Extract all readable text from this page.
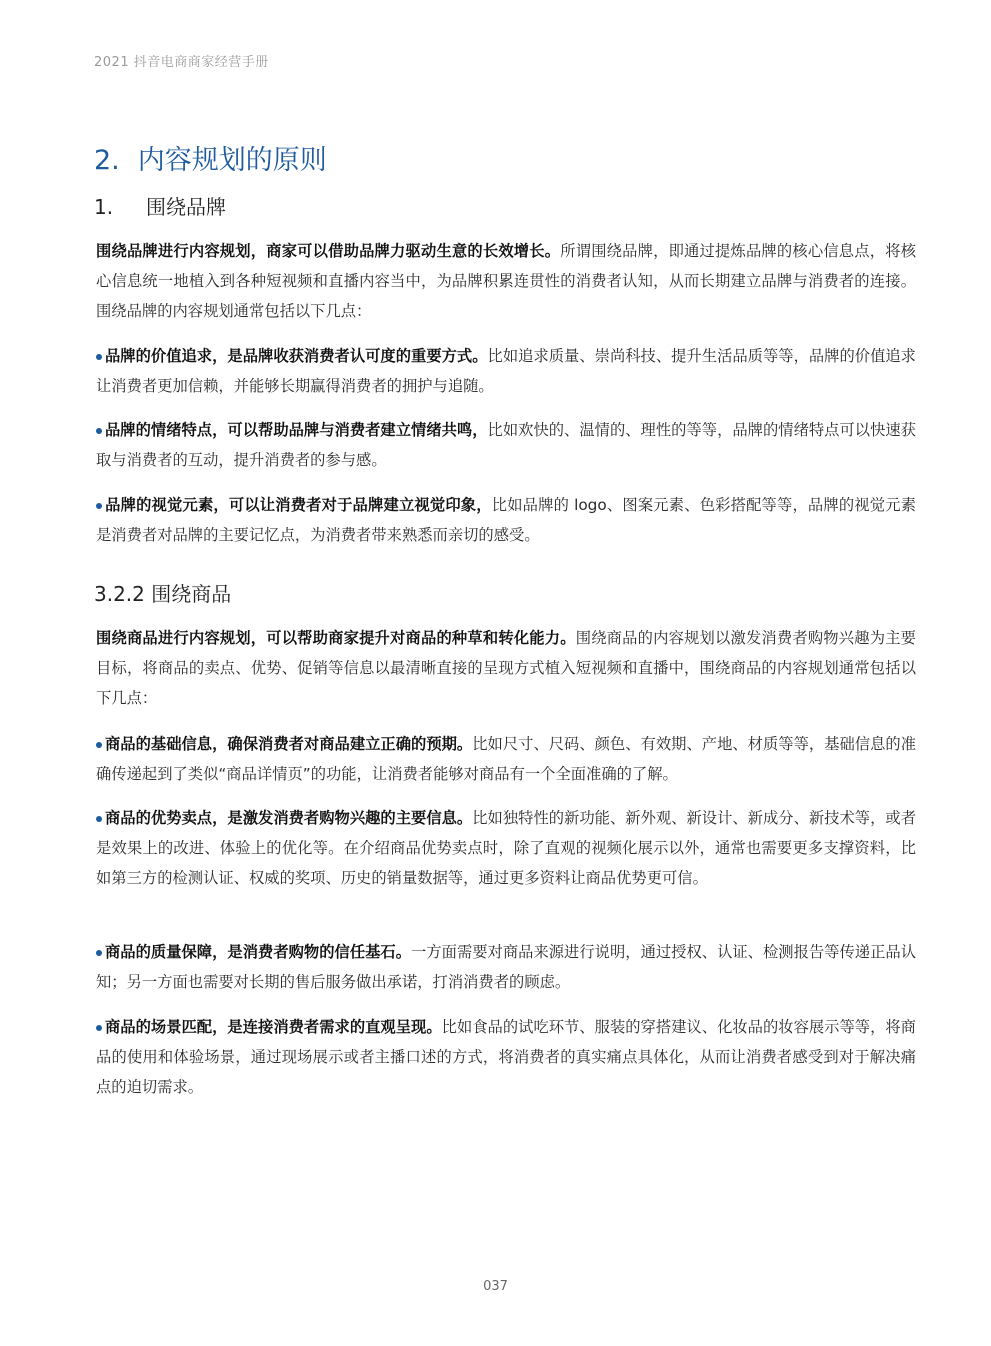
2021 抖音电商商家经营手册
2. 内容规划的原则
1. 围绕品牌
围绕品牌进行内容规划，商家可以借助品牌力驱动生意的长效增长。所谓围绕品牌，即通过提炼品牌的核心信息点，将核心信息统一地植入到各种短视频和直播内容当中，为品牌积累连贯性的消费者认知，从而长期建立品牌与消费者的连接。围绕品牌的内容规划通常包括以下几点：
品牌的价值追求，是品牌收获消费者认可度的重要方式。比如追求质量、崇尚科技、提升生活品质等等，品牌的价值追求让消费者更加信赖，并能够长期赢得消费者的拥护与追随。
品牌的情绪特点，可以帮助品牌与消费者建立情绪共鸣，比如欢快的、温情的、理性的等等，品牌的情绪特点可以快速获取与消费者的互动，提升消费者的参与感。
品牌的视觉元素，可以让消费者对于品牌建立视觉印象，比如品牌的 logo、图案元素、色彩搭配等等，品牌的视觉元素是消费者对品牌的主要记忆点，为消费者带来熟悉而亲切的感受。
3.2.2 围绕商品
围绕商品进行内容规划，可以帮助商家提升对商品的种草和转化能力。围绕商品的内容规划以激发消费者购物兴趣为主要目标，将商品的卖点、优势、促销等信息以最清晰直接的呈现方式植入短视频和直播中，围绕商品的内容规划通常包括以下几点：
商品的基础信息，确保消费者对商品建立正确的预期。比如尺寸、尺码、颜色、有效期、产地、材质等等，基础信息的准确传递起到了类似“商品详情页”的功能，让消费者能够对商品有一个全面准确的了解。
商品的优势卖点，是激发消费者购物兴趣的主要信息。比如独特性的新功能、新外观、新设计、新成分、新技术等，或者是效果上的改进、体验上的优化等。在介绍商品优势卖点时，除了直观的视频化展示以外，通常也需要更多支撑资料，比如第三方的检测认证、权威的奖项、历史的销量数据等，通过更多资料让商品优势更可信。
商品的质量保障，是消费者购物的信任基石。一方面需要对商品来源进行说明，通过授权、认证、检测报告等传递正品认知；另一方面也需要对长期的售后服务做出承诺，打消消费者的顾虑。
商品的场景匹配，是连接消费者需求的直观呈现。比如食品的试吃环节、服装的穿搭建议、化妆品的妆容展示等等，将商品的使用和体验场景，通过现场展示或者主播口述的方式，将消费者的真实痛点具体化，从而让消费者感受到对于解决痛点的迫切需求。
037
